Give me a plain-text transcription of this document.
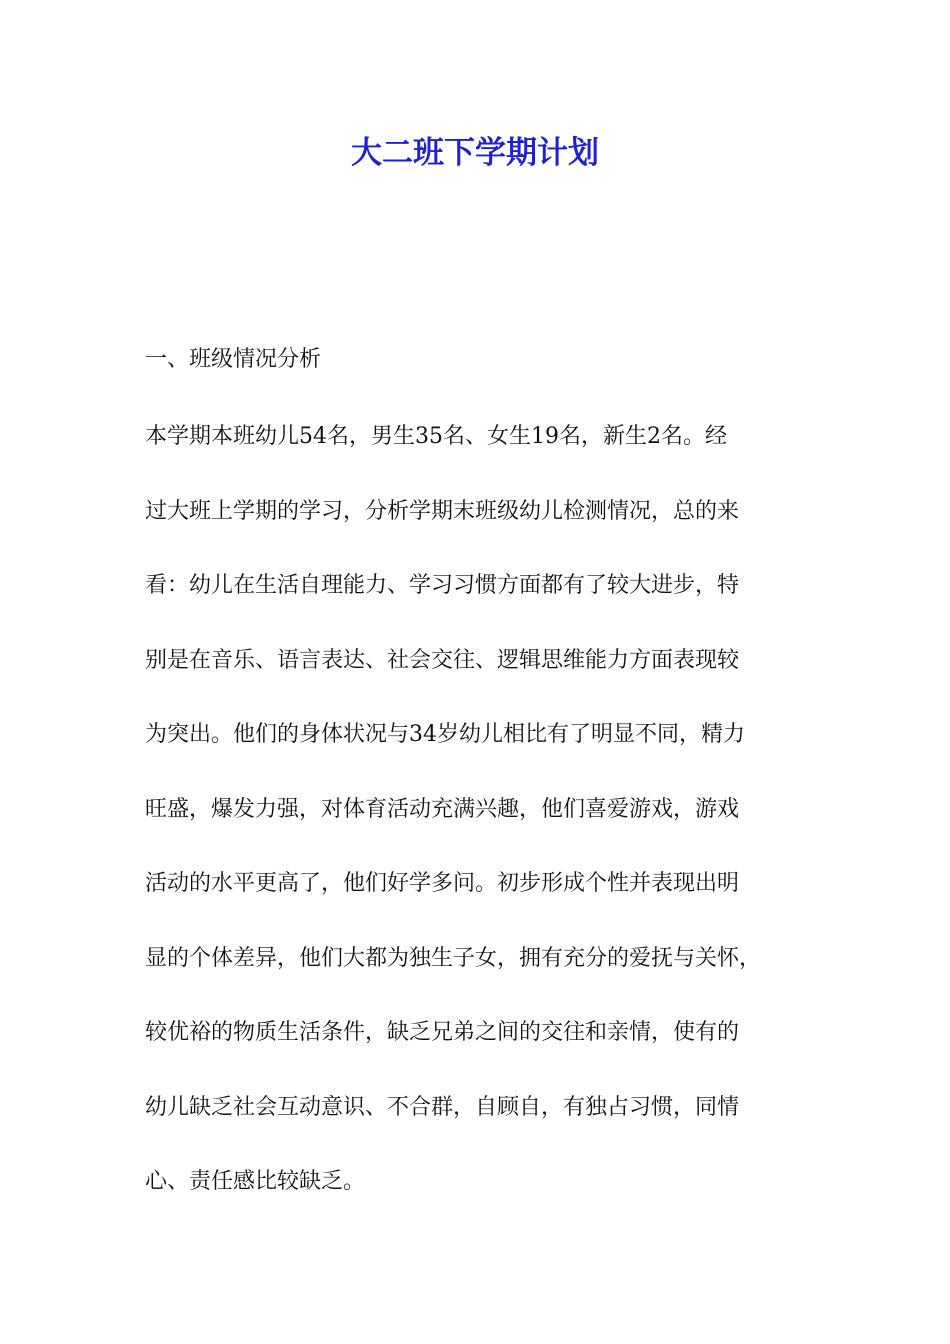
大二班下学期计划

一、班级情况分析

本学期本班幼儿54名，男生35名、女生19名，新生2名。经
过大班上学期的学习，分析学期末班级幼儿检测情况，总的来
看：幼儿在生活自理能力、学习习惯方面都有了较大进步，特
别是在音乐、语言表达、社会交往、逻辑思维能力方面表现较
为突出。他们的身体状况与34岁幼儿相比有了明显不同，精力
旺盛，爆发力强，对体育活动充满兴趣，他们喜爱游戏，游戏
活动的水平更高了，他们好学多问。初步形成个性并表现出明
显的个体差异，他们大都为独生子女，拥有充分的爱抚与关怀，
较优裕的物质生活条件，缺乏兄弟之间的交往和亲情，使有的
幼儿缺乏社会互动意识、不合群，自顾自，有独占习惯，同情
心、责任感比较缺乏。
